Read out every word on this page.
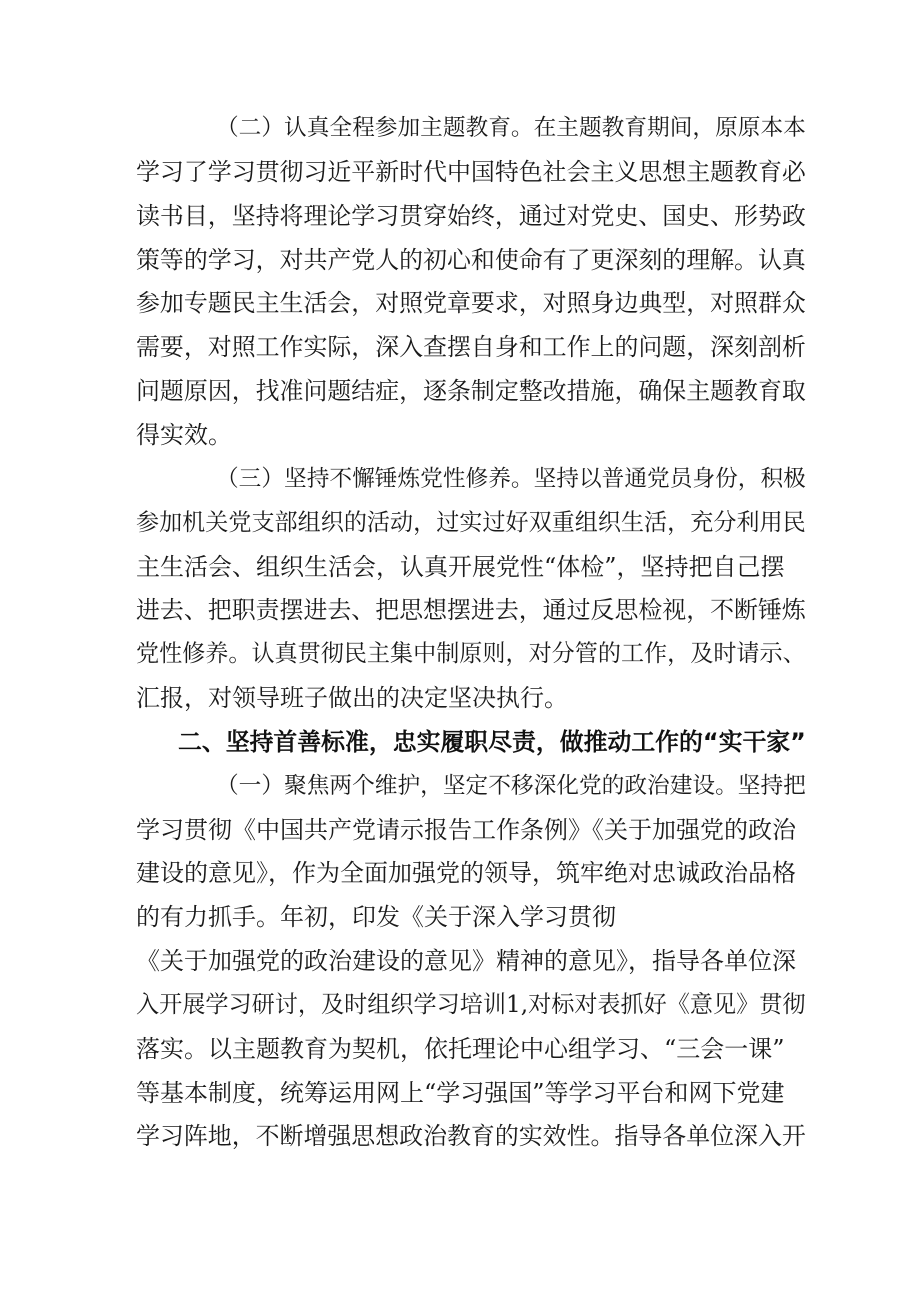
（二）认真全程参加主题教育。在主题教育期间，原原本本
学习了学习贯彻习近平新时代中国特色社会主义思想主题教育必
读书目，坚持将理论学习贯穿始终，通过对党史、国史、形势政
策等的学习，对共产党人的初心和使命有了更深刻的理解。认真
参加专题民主生活会，对照党章要求，对照身边典型，对照群众
需要，对照工作实际，深入查摆自身和工作上的问题，深刻剖析
问题原因，找准问题结症，逐条制定整改措施，确保主题教育取
得实效。
（三）坚持不懈锤炼党性修养。坚持以普通党员身份，积极
参加机关党支部组织的活动，过实过好双重组织生活，充分利用民
主生活会、组织生活会，认真开展党性“体检”，坚持把自己摆
进去、把职责摆进去、把思想摆进去，通过反思检视，不断锤炼
党性修养。认真贯彻民主集中制原则，对分管的工作，及时请示、
汇报，对领导班子做出的决定坚决执行。
二、坚持首善标准，忠实履职尽责，做推动工作的“实干家”
（一）聚焦两个维护，坚定不移深化党的政治建设。坚持把
学习贯彻《中国共产党请示报告工作条例》《关于加强党的政治
建设的意见》，作为全面加强党的领导，筑牢绝对忠诚政治品格
的有力抓手。年初，印发《关于深入学习贯彻
《关于加强党的政治建设的意见》精神的意见》，指导各单位深
入开展学习研讨，及时组织学习培训1,对标对表抓好《意见》贯彻
落实。以主题教育为契机，依托理论中心组学习、“三会一课”
等基本制度，统筹运用网上“学习强国”等学习平台和网下党建
学习阵地，不断增强思想政治教育的实效性。指导各单位深入开
